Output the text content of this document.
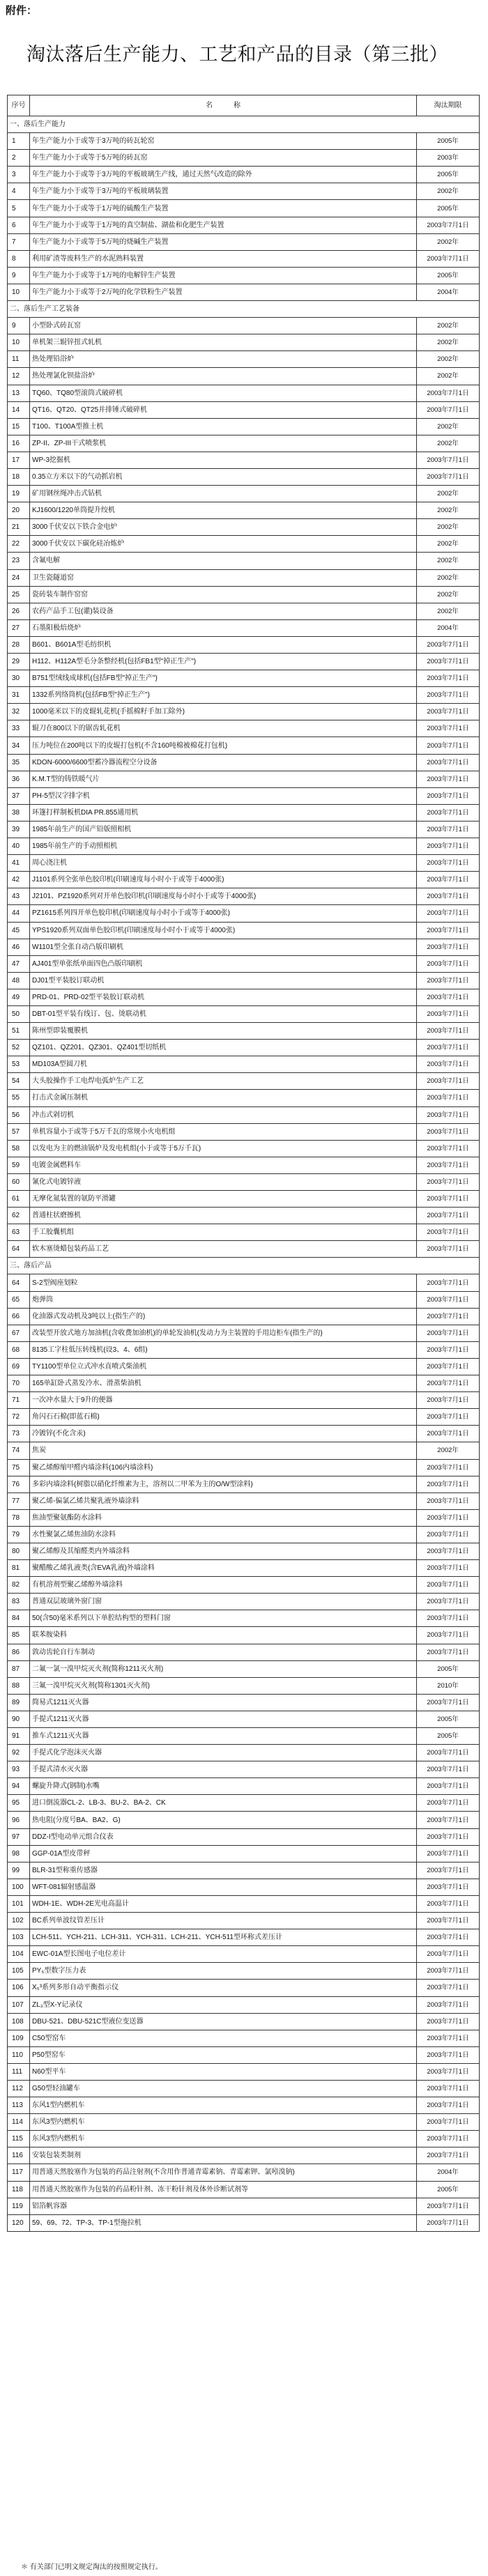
附件：
淘汰落后生产能力、工艺和产品的目录（第三批）
序号	名　　　称	淘汰期限
一、落后生产能力		
1	年生产能力小于或等于3万吨的砖瓦轮窑	2005年
2	年生产能力小于或等于5万吨的砖瓦窑	2003年
3	年生产能力小于或等于3万吨的平板玻璃生产线，通过天然气改造的除外	2005年
4	年生产能力小于或等于3万吨的平板玻璃装置	2002年
5	年生产能力小于或等于1万吨的硫酸生产装置	2005年
6	年生产能力小于或等于1万吨的真空制盐、湖盐和化肥生产装置	2003年7月1日
7	年生产能力小于或等于5万吨的烧碱生产装置	2002年
8	利用矿渣等废料生产的水泥熟料装置	2003年7月1日
9	年生产能力小于或等于1万吨的电解锌生产装置	2005年
10	年生产能力小于或等于2万吨的化学铁粉生产装置	2004年
二、落后生产工艺装备		
9	小型卧式砖瓦窑	2002年
10	单机架三辊锌扭式轧机	2002年
11	热处理铅浴炉	2002年
12	热处理氯化钡盐浴炉	2002年
13	TQ60、TQ80型滚筒式破碎机	2003年7月1日
14	QT16、QT20、QT25并排锤式破碎机	2003年7月1日
15	T100、T100A型推土机	2002年
16	ZP-II、ZP-III干式喷浆机	2002年
17	WP-3挖掘机	2003年7月1日
18	0.35立方米以下的气动抓岩机	2003年7月1日
19	矿用钢丝绳冲击式钻机	2002年
20	KJ1600/1220单筒提升绞机	2002年
21	3000千伏安以下铁合金电炉	2002年
22	3000千伏安以下碳化硅冶炼炉	2002年
23	含氟电解	2002年
24	卫生瓷隧道窑	2002年
25	瓷砖装车制作窑窑	2002年
26	农药产品手工包(灌)装设备	2002年
27	石墨阳极焙烧炉	2004年
28	B601、B601A型毛纺织机	2003年7月1日
29	H112、H112A型毛分条整经机(包括FB1型"掉正生产")	2003年7月1日
30	B751型绒线成球机(包括FB型"掉正生产")	2003年7月1日
31	1332系列络筒机(包括FB型"掉正生产")	2003年7月1日
32	1000毫米以下的皮辊轧花机(手摇棉籽手加工除外)	2003年7月1日
33	辊刀在800以下的锯齿轧花机	2003年7月1日
34	压力吨位在200吨以下的皮辊打包机(不含160吨棉被棉花打包机)	2003年7月1日
35	KDON-6000/6600型蓄冷器流程空分设备	2003年7月1日
36	K.M.T型的铸铁暖气片	2003年7月1日
37	PH-5型汉字排字机	2003年7月1日
38	环篷打样制板机DIA PR.855通用机	2003年7月1日
39	1985年前生产的国产铅版照相机	2003年7月1日
40	1985年前生产的手动照相机	2003年7月1日
41	周心浇注机	2003年7月1日
42	J1101系列全张单色胶印机(印刷速度每小时小于或等于4000张)	2003年7月1日
43	J2101、PZ1920系列对开单色胶印机(印刷速度每小时小于或等于4000张)	2003年7月1日
44	PZ1615系列四开单色胶印机(印刷速度每小时小于或等于4000张)	2003年7月1日
45	YPS1920系列双面单色胶印机(印刷速度每小时小于或等于4000张)	2003年7月1日
46	W1101型全张自动凸版印刷机	2003年7月1日
47	AJ401型单张纸单面四色凸版印刷机	2003年7月1日
48	DJ01型平装胶订联动机	2003年7月1日
49	PRD-01、PRD-02型平装胶订联动机	2003年7月1日
50	DBT-01型平装有线订、包、烫联动机	2003年7月1日
51	陈州型即装覆膜机	2003年7月1日
52	QZ101、QZ201、QZ301、QZ401型切纸机	2003年7月1日
53	MD103A型圆刀机	2003年7月1日
54	大头胶操作手工电焊电弧炉生产工艺	2003年7月1日
55	打击式金属压制机	2003年7月1日
56	冲击式剁切机	2003年7月1日
57	单机容量小于或等于5万千瓦的常规小火电机组	2003年7月1日
58	以发电为主的燃油锅炉及发电机组(小于或等于5万千瓦)	2003年7月1日
59	电镀金属燃料车	2003年7月1日
60	氰化式电镀锌液	2003年7月1日
61	无摩化氮装置的氨防平滑罐	2003年7月1日
62	普通柱状磨擦机	2003年7月1日
63	手工胶囊机组	2003年7月1日
64	软木塞烫蜡包装药品工艺	2003年7月1日
三、落后产品		
64	S-2型阀座划粒	2003年7月1日
65	炮弹筒	2003年7月1日
66	化油器式发动机及3吨以上(指生产的)	2003年7月1日
67	改装型开放式地方加油机(含收费加油机)的单轮发油机(发动力为主装置的手用边柜车(指生产的)	2003年7月1日
68	8135工字柱低压转线机(设3、4、6组)	2003年7月1日
69	TY1100型单位立式冲水直喷式柴油机	2003年7月1日
70	165单缸卧式蒸发冷水、滑蒸柴油机	2003年7月1日
71	一次冲水量大于9升的便器	2003年7月1日
72	角闪石石棉(即蓝石棉)	2003年7月1日
73	冷镀锌(不化含汞)	2003年7月1日
74	焦炭	2002年
75	聚乙烯醇缩甲醛内墙涂料(106内墙涂料)	2003年7月1日
76	多彩内墙涂料(树脂以硝化纤维素为主，溶剂以二甲苯为主的O/W型涂料)	2003年7月1日
77	聚乙烯-偏氯乙烯共聚乳液外墙涂料	2003年7月1日
78	焦油型聚氨酯防水涂料	2003年7月1日
79	水性聚氯乙烯焦油防水涂料	2003年7月1日
80	聚乙烯醇及其缩醛类内外墙涂料	2003年7月1日
81	聚醋酸乙烯乳液类(含EVA乳液)外墙涂料	2003年7月1日
82	有机溶剂型聚乙烯醇外墙涂料	2003年7月1日
83	普通双层玻璃外窗门窗	2003年7月1日
84	50(含50)毫米系列以下单腔结构型的塑料门窗	2003年7月1日
85	联苯胺染料	2003年7月1日
86	敦动齿轮自行车制动	2003年7月1日
87	二氟一氯一溴甲烷灭火剂(简称1211灭火剂)	2005年
88	三氟一溴甲烷灭火剂(简称1301灭火剂)	2010年
89	简易式1211灭火器	2003年7月1日
90	手提式1211灭火器	2005年
91	推车式1211灭火器	2005年
92	手提式化学泡沫灭火器	2003年7月1日
93	手提式清水灭火器	2003年7月1日
94	螺旋升降式(钢制)水嘴	2003年7月1日
95	进口倒流器CL-2、LB-3、BU-2、BA-2、CK	2003年7月1日
96	热电阻(分度号BA、BA2、G)	2003年7月1日
97	DDZ-I型电动单元组合仪表	2003年7月1日
98	GGP-01A型皮带秤	2003年7月1日
99	BLR-31型称重传感器	2003年7月1日
100	WFT-081辐射感温器	2003年7月1日
101	WDH-1E、WDH-2E光电高温计	2003年7月1日
102	BC系列单波纹管差压计	2003年7月1日
103	LCH-511、YCH-211、LCH-311、YCH-311、LCH-211、YCH-511型环称式差压计	2003年7月1日
104	EWC-01A型长图电子电位差计	2003年7月1日
105	PY₅型数字压力表	2003年7月1日
106	X₅³系列多形自动平衡指示仪	2003年7月1日
107	ZL₃型X-Y记录仪	2003年7月1日
108	DBU-521、DBU-521C型液位变送器	2003年7月1日
109	C50型窑车	2003年7月1日
110	P50型窑车	2003年7月1日
111	N60型平车	2003年7月1日
112	G50型轻油罐车	2003年7月1日
113	东风1型内燃机车	2003年7月1日
114	东风3型内燃机车	2003年7月1日
115	东风3型内燃机车	2003年7月1日
116	安装包装类制剂	2003年7月1日
117	用普通天然胶塞作为包装的药品注射剂(不含用作普通青霉素钠、青霉素钾、氯吲溴钠)	2004年
118	用普通天然胶塞作为包装的药品粉针剂、冻干粉针剂及体外诊断试剂等	2005年
119	铝箔帆容器	2003年7月1日
120	59、69、72、TP-3、TP-1型拖拉机	2003年7月1日
＊ 有关部门已明文规定淘汰的按照规定执行。
